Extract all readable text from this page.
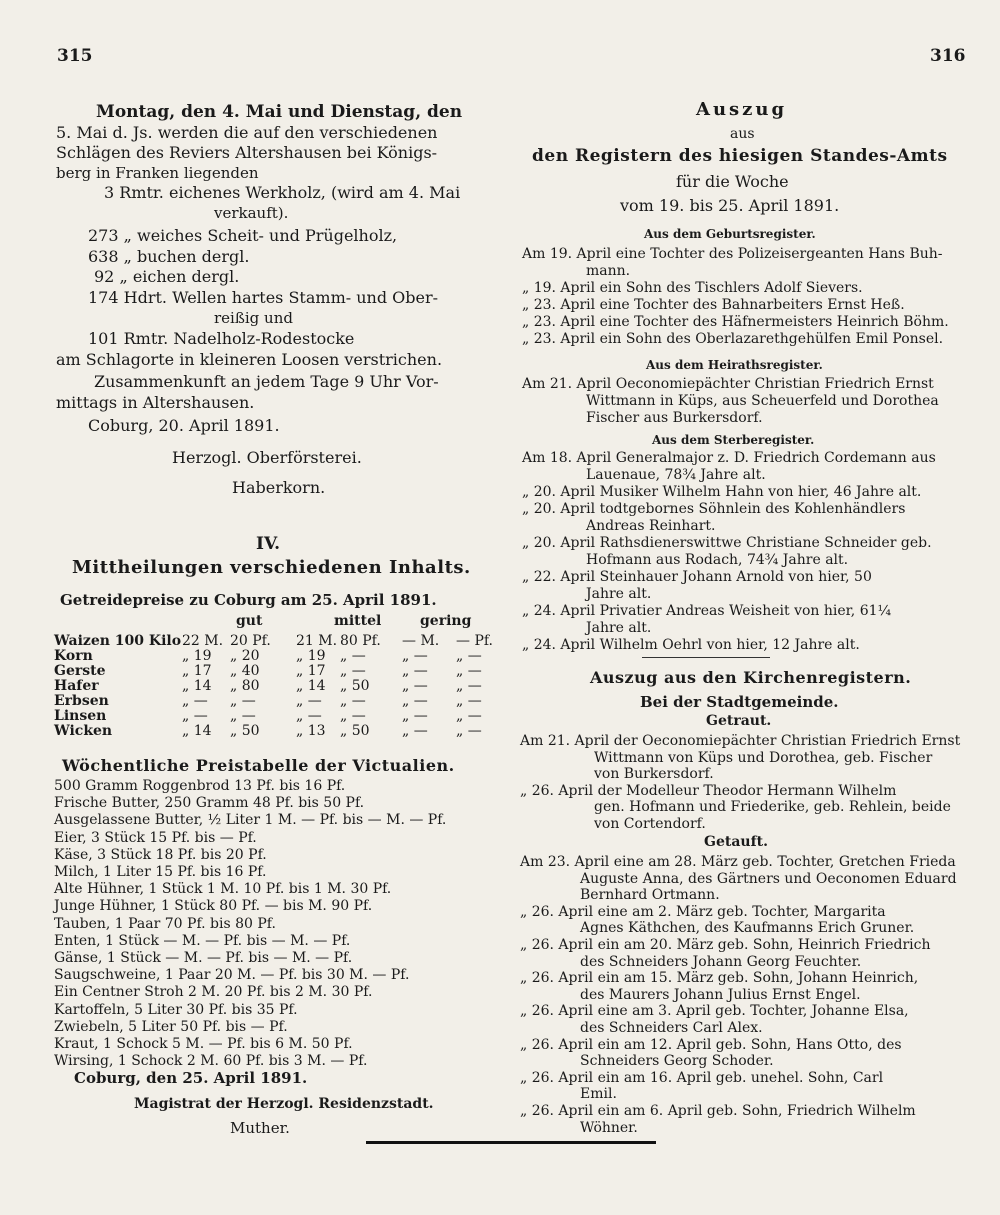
315	316
Montag, den 4. Mai und Dienstag, den
5. Mai d. Js. werden die auf den verschiedenen
Schlägen des Reviers Altershausen bei Königs-
berg in Franken liegenden
3 Rmtr. eichenes Werkholz, (wird am 4. Mai
verkauft).
273 „ weiches Scheit- und Prügelholz,
638 „ buchen dergl.
92 „ eichen dergl.
174 Hdrt. Wellen hartes Stamm- und Ober-
reißig und
101 Rmtr. Nadelholz-Rodestocke
am Schlagorte in kleineren Loosen verstrichen.
Zusammenkunft an jedem Tage 9 Uhr Vor-
mittags in Altershausen.
Coburg, 20. April 1891.
Herzogl. Oberförsterei.
Haberkorn.
IV.
Mittheilungen verschiedenen Inhalts.
Getreidepreise zu Coburg am 25. April 1891.
gut	mittel	gering
Waizen 100 Kilo	22 M.	20 Pf.	21 M.	80 Pf.	— M.	— Pf.
Korn	„ 19	„ 20	„ 19	„ —	„ —	„ —
Gerste	„ 17	„ 40	„ 17	„ —	„ —	„ —
Hafer	„ 14	„ 80	„ 14	„ 50	„ —	„ —
Erbsen	„ —	„ —	„ —	„ —	„ —	„ —
Linsen	„ —	„ —	„ —	„ —	„ —	„ —
Wicken	„ 14	„ 50	„ 13	„ 50	„ —	„ —
Wöchentliche Preistabelle der Victualien.
500 Gramm Roggenbrod 13 Pf. bis 16 Pf.
Frische Butter, 250 Gramm 48 Pf. bis 50 Pf.
Ausgelassene Butter, ½ Liter 1 M. — Pf. bis — M. — Pf.
Eier, 3 Stück 15 Pf. bis — Pf.
Käse, 3 Stück 18 Pf. bis 20 Pf.
Milch, 1 Liter 15 Pf. bis 16 Pf.
Alte Hühner, 1 Stück 1 M. 10 Pf. bis 1 M. 30 Pf.
Junge Hühner, 1 Stück 80 Pf. — bis M. 90 Pf.
Tauben, 1 Paar 70 Pf. bis 80 Pf.
Enten, 1 Stück — M. — Pf. bis — M. — Pf.
Gänse, 1 Stück — M. — Pf. bis — M. — Pf.
Saugschweine, 1 Paar 20 M. — Pf. bis 30 M. — Pf.
Ein Centner Stroh 2 M. 20 Pf. bis 2 M. 30 Pf.
Kartoffeln, 5 Liter 30 Pf. bis 35 Pf.
Zwiebeln, 5 Liter 50 Pf. bis — Pf.
Kraut, 1 Schock 5 M. — Pf. bis 6 M. 50 Pf.
Wirsing, 1 Schock 2 M. 60 Pf. bis 3 M. — Pf.
Coburg, den 25. April 1891.
Magistrat der Herzogl. Residenzstadt.
Muther.
Auszug
aus
den Registern des hiesigen Standes-Amts
für die Woche
vom 19. bis 25. April 1891.
Aus dem Geburtsregister.
Am 19. April eine Tochter des Polizeisergeanten Hans Buh-
mann.
„ 19. April ein Sohn des Tischlers Adolf Sievers.
„ 23. April eine Tochter des Bahnarbeiters Ernst Heß.
„ 23. April eine Tochter des Häfnermeisters Heinrich Böhm.
„ 23. April ein Sohn des Oberlazarethgehülfen Emil Ponsel.
Aus dem Heirathsregister.
Am 21. April Oeconomiepächter Christian Friedrich Ernst
Wittmann in Küps, aus Scheuerfeld und Dorothea
Fischer aus Burkersdorf.
Aus dem Sterberegister.
Am 18. April Generalmajor z. D. Friedrich Cordemann aus
Lauenaue, 78¾ Jahre alt.
„ 20. April Musiker Wilhelm Hahn von hier, 46 Jahre alt.
„ 20. April todtgebornes Söhnlein des Kohlenhändlers
Andreas Reinhart.
„ 20. April Rathsdienerswittwe Christiane Schneider geb.
Hofmann aus Rodach, 74¾ Jahre alt.
„ 22. April Steinhauer Johann Arnold von hier, 50
Jahre alt.
„ 24. April Privatier Andreas Weisheit von hier, 61¼
Jahre alt.
„ 24. April Wilhelm Oehrl von hier, 12 Jahre alt.
Auszug aus den Kirchenregistern.
Bei der Stadtgemeinde.
Getraut.
Am 21. April der Oeconomiepächter Christian Friedrich Ernst
Wittmann von Küps und Dorothea, geb. Fischer
von Burkersdorf.
„ 26. April der Modelleur Theodor Hermann Wilhelm
gen. Hofmann und Friederike, geb. Rehlein, beide
von Cortendorf.
Getauft.
Am 23. April eine am 28. März geb. Tochter, Gretchen Frieda
Auguste Anna, des Gärtners und Oeconomen Eduard
Bernhard Ortmann.
„ 26. April eine am 2. März geb. Tochter, Margarita
Agnes Käthchen, des Kaufmanns Erich Gruner.
„ 26. April ein am 20. März geb. Sohn, Heinrich Friedrich
des Schneiders Johann Georg Feuchter.
„ 26. April ein am 15. März geb. Sohn, Johann Heinrich,
des Maurers Johann Julius Ernst Engel.
„ 26. April eine am 3. April geb. Tochter, Johanne Elsa,
des Schneiders Carl Alex.
„ 26. April ein am 12. April geb. Sohn, Hans Otto, des
Schneiders Georg Schoder.
„ 26. April ein am 16. April geb. unehel. Sohn, Carl
Emil.
„ 26. April ein am 6. April geb. Sohn, Friedrich Wilhelm
Wöhner.
